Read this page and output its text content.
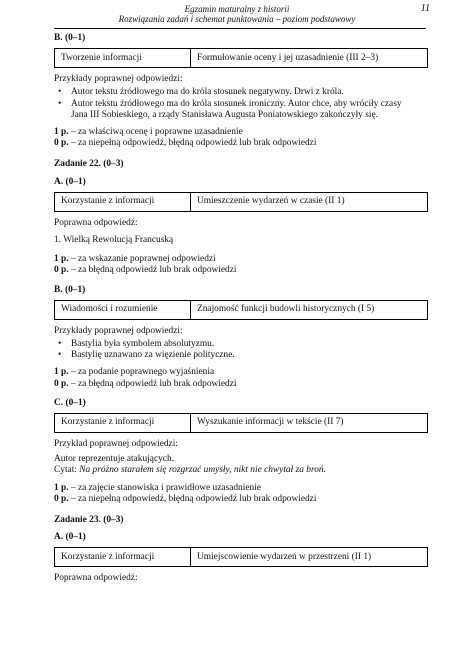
Egzamin maturalny z historii
Rozwiązania zadań i schemat punktowania – poziom podstawowy
11

B. (0–1)

Tworzenie informacji	Formułowanie oceny i jej uzasadnienie (III 2–3)

Przykłady poprawnej odpowiedzi:

• Autor tekstu źródłowego ma do króla stosunek negatywny. Drwi z króla.
• Autor tekstu źródłowego ma do króla stosunek ironiczny. Autor chce, aby wróciły czasy
Jana III Sobieskiego, a rządy Stanisława Augusta Poniatowskiego zakończyły się.

1 p. – za właściwą ocenę i poprawne uzasadnienie

0 p. – za niepełną odpowiedź, błędną odpowiedź lub brak odpowiedzi

Zadanie 22. (0–3)

A. (0–1)

Korzystanie z informacji	Umieszczenie wydarzeń w czasie (II 1)

Poprawna odpowiedź:

1. Wielką Rewolucją Francuską

1 p. – za wskazanie poprawnej odpowiedzi

0 p. – za błędną odpowiedź lub brak odpowiedzi

B. (0–1)

Wiadomości i rozumienie	Znajomość funkcji budowli historycznych (I 5)

Przykłady poprawnej odpowiedzi:

• Bastylia była symbolem absolutyzmu.
• Bastylię uznawano za więzienie polityczne.

1 p. – za podanie poprawnego wyjaśnienia

0 p. – za błędną odpowiedź lub brak odpowiedzi

C. (0–1)

Korzystanie z informacji	Wyszukanie informacji w tekście (II 7)

Przykład poprawnej odpowiedzi:

Autor reprezentuje atakujących.

Cytat: Na próżno starałem się rozgrzać umysły, nikt nie chwytał za broń.

1 p. – za zajęcie stanowiska i prawidłowe uzasadnienie

0 p. – za niepełną odpowiedź, błędną odpowiedź lub brak odpowiedzi

Zadanie 23. (0–3)

A. (0–1)

Korzystanie z informacji	Umiejscowienie wydarzeń w przestrzeni (II 1)

Poprawna odpowiedź:
